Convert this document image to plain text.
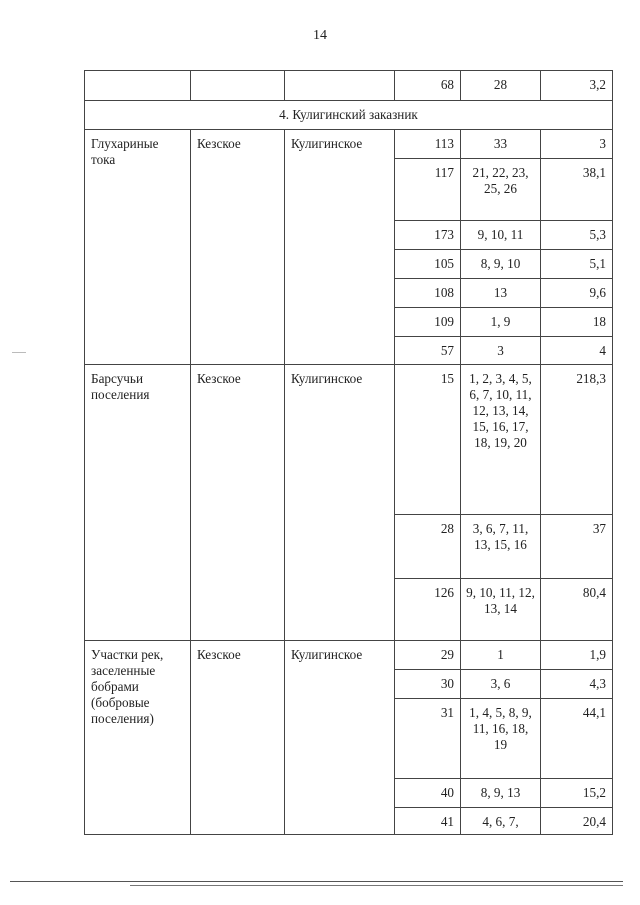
14
			68	28	3,2
4. Кулигинский заказник					
Глухариные тока	Кезское	Кулигинское	113	33	3
			117	21, 22, 23, 25, 26	38,1
			173	9, 10, 11	5,3
			105	8, 9, 10	5,1
			108	13	9,6
			109	1, 9	18
			57	3	4
Барсучьи поселения	Кезское	Кулигинское	15	1, 2, 3, 4, 5, 6, 7, 10, 11, 12, 13, 14, 15, 16, 17, 18, 19, 20	218,3
			28	3, 6, 7, 11, 13, 15, 16	37
			126	9, 10, 11, 12, 13, 14	80,4
Участки рек, заселенные бобрами (бобровые поселения)	Кезское	Кулигинское	29	1	1,9
			30	3, 6	4,3
			31	1, 4, 5, 8, 9, 11, 16, 18, 19	44,1
			40	8, 9, 13	15,2
			41	4, 6, 7,	20,4
